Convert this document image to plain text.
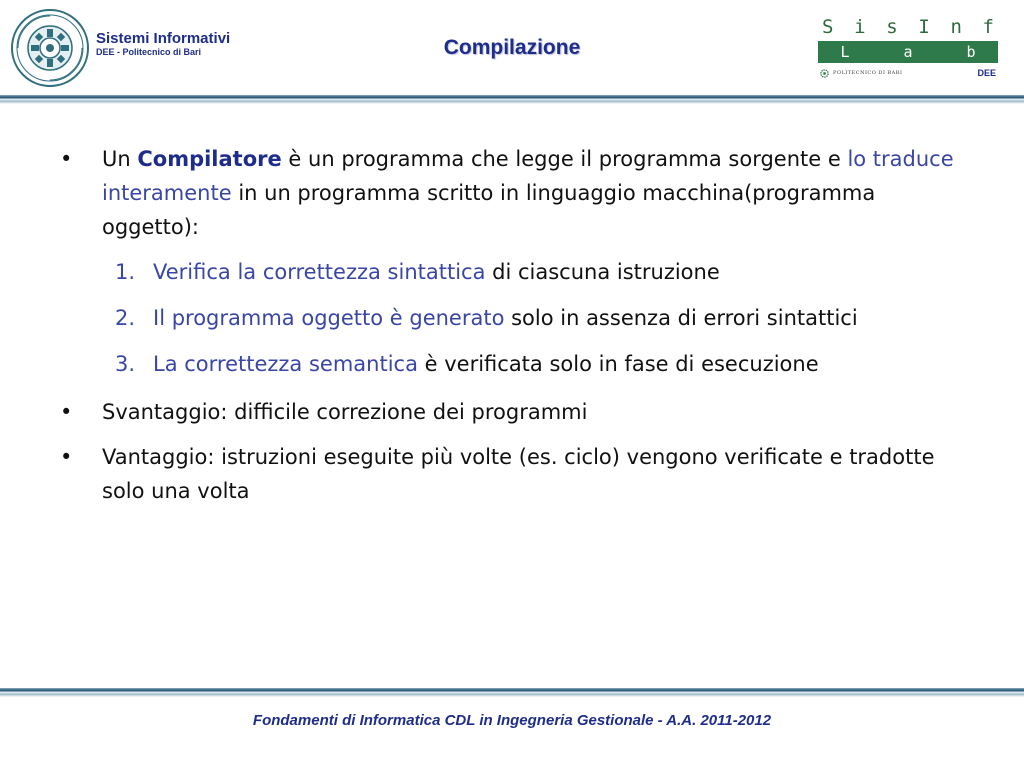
Sistemi Informativi
DEE - Politecnico di Bari	Compilazione
S i s I n f
L	a	b
POLITECNICO DI BARI	DEE
• Un Compilatore è un programma che legge il programma sorgente e lo traduce interamente in un programma scritto in linguaggio macchina(programma oggetto):
1. Verifica la correttezza sintattica di ciascuna istruzione
2. Il programma oggetto è generato solo in assenza di errori sintattici
3. La correttezza semantica è verificata solo in fase di esecuzione
• Svantaggio: difficile correzione dei programmi
• Vantaggio: istruzioni eseguite più volte (es. ciclo) vengono verificate e tradotte solo una volta
Fondamenti di Informatica CDL in Ingegneria Gestionale - A.A. 2011-2012
